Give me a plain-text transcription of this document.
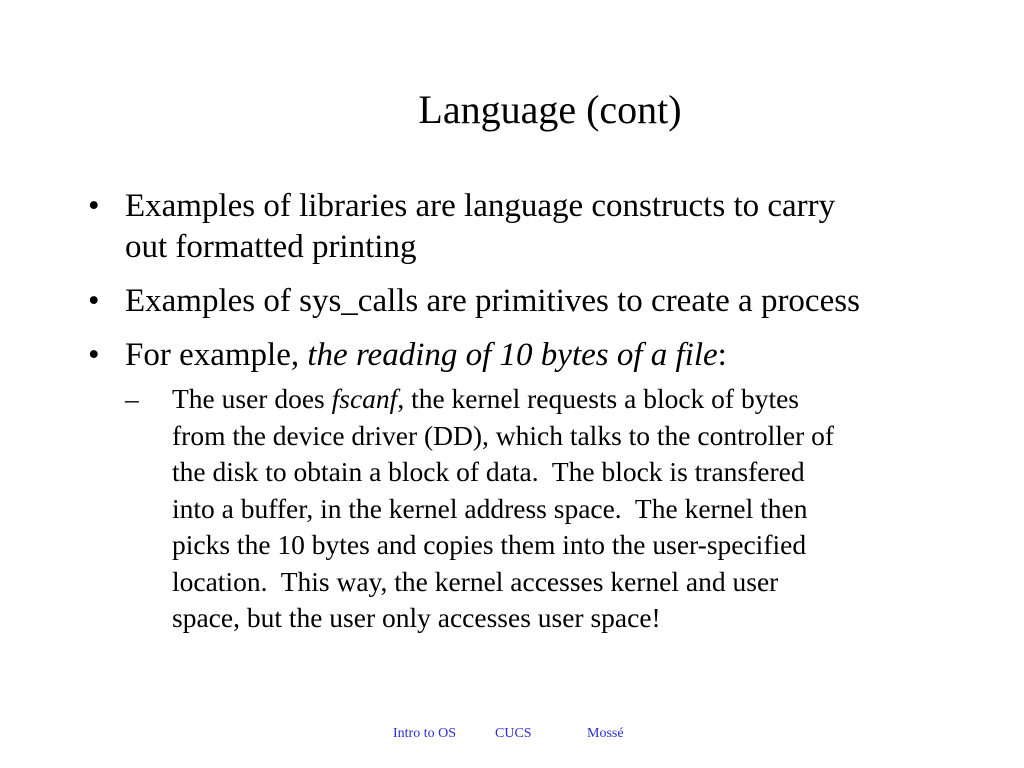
Language (cont)
• Examples of libraries are language constructs to carry
out formatted printing
• Examples of sys_calls are primitives to create a process
• For example, the reading of 10 bytes of a file:
– The user does fscanf, the kernel requests a block of bytes
from the device driver (DD), which talks to the controller of
the disk to obtain a block of data.  The block is transfered
into a buffer, in the kernel address space.  The kernel then
picks the 10 bytes and copies them into the user-specified
location.  This way, the kernel accesses kernel and user
space, but the user only accesses user space!
Intro to OS	CUCS	Mossé
